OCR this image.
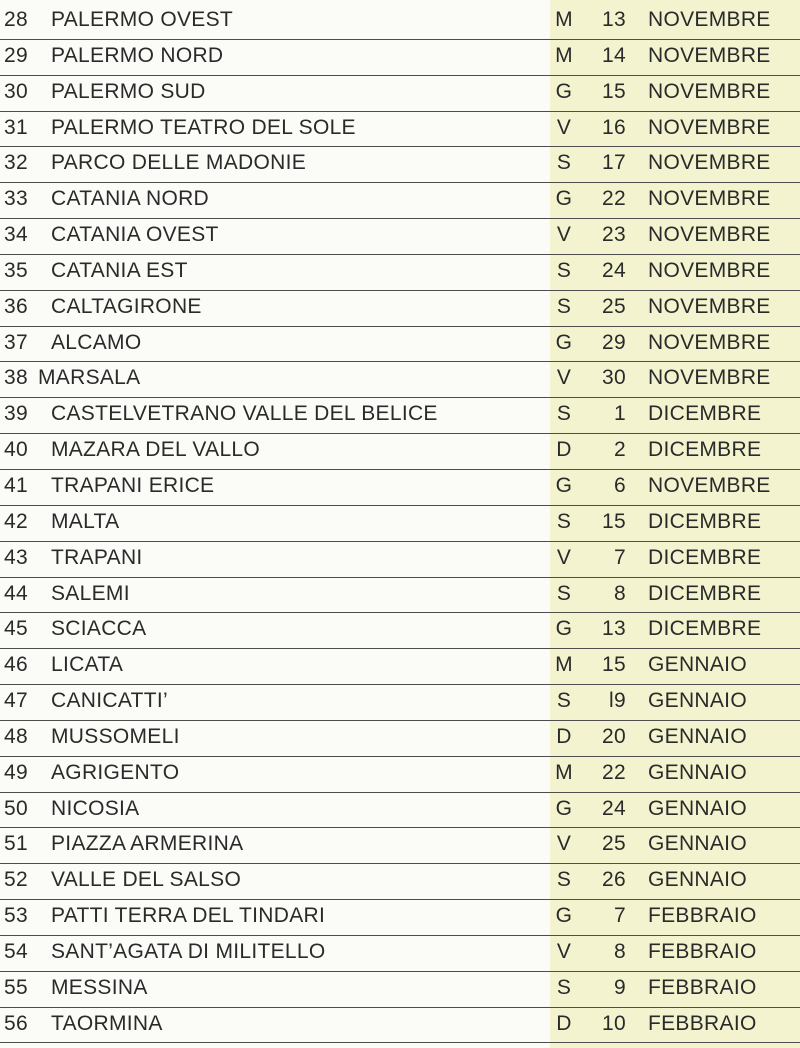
28 PALERMO OVEST	M	13 NOVEMBRE
29 PALERMO NORD	M	14 NOVEMBRE
30 PALERMO SUD	G	15 NOVEMBRE
31 PALERMO TEATRO DEL SOLE	V	16 NOVEMBRE
32 PARCO DELLE MADONIE	S	17 NOVEMBRE
33 CATANIA NORD	G	22 NOVEMBRE
34 CATANIA OVEST	V	23 NOVEMBRE
35 CATANIA EST	S	24 NOVEMBRE
36 CALTAGIRONE	S	25 NOVEMBRE
37 ALCAMO	G	29 NOVEMBRE
38 MARSALA	V	30 NOVEMBRE
39 CASTELVETRANO VALLE DEL BELICE	S	1 DICEMBRE
40 MAZARA DEL VALLO	D	2 DICEMBRE
41 TRAPANI ERICE	G	6 NOVEMBRE
42 MALTA	S	15 DICEMBRE
43 TRAPANI	V	7 DICEMBRE
44 SALEMI	S	8 DICEMBRE
45 SCIACCA	G	13 DICEMBRE
46 LICATA	M	15 GENNAIO
47 CANICATTI’	S	l9 GENNAIO
48 MUSSOMELI	D	20 GENNAIO
49 AGRIGENTO	M	22 GENNAIO
50 NICOSIA	G	24 GENNAIO
51 PIAZZA ARMERINA	V	25 GENNAIO
52 VALLE DEL SALSO	S	26 GENNAIO
53 PATTI TERRA DEL TINDARI	G	7 FEBBRAIO
54 SANT’AGATA DI MILITELLO	V	8 FEBBRAIO
55 MESSINA	S	9 FEBBRAIO
56 TAORMINA	D	10 FEBBRAIO
